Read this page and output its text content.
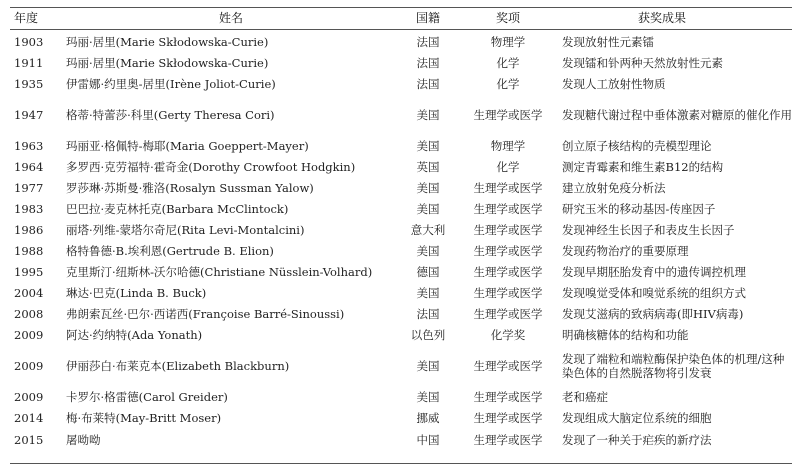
年度	姓名	国籍	奖项	获奖成果
1903	玛丽·居里(Marie Skłodowska-Curie)	法国	物理学	发现放射性元素镭
1911	玛丽·居里(Marie Skłodowska-Curie)	法国	化学	发现镭和钋两种天然放射性元素
1935	伊雷娜·约里奥-居里(Irène Joliot-Curie)	法国	化学	发现人工放射性物质
1947	格蒂·特蕾莎·科里(Gerty Theresa Cori)	美国	生理学或医学	发现糖代谢过程中垂体激素对糖原的催化作用
1963	玛丽亚·格佩特-梅耶(Maria Goeppert-Mayer)	美国	物理学	创立原子核结构的壳模型理论
1964	多罗西·克劳福特·霍奇金(Dorothy Crowfoot Hodgkin)	英国	化学	测定青霉素和维生素B12的结构
1977	罗莎琳·苏斯曼·雅洛(Rosalyn Sussman Yalow)	美国	生理学或医学	建立放射免疫分析法
1983	巴巴拉·麦克林托克(Barbara McClintock)	美国	生理学或医学	研究玉米的移动基因-传座因子
1986	丽塔·列维-蒙塔尔奇尼(Rita Levi-Montalcini)	意大利	生理学或医学	发现神经生长因子和表皮生长因子
1988	格特鲁德·B.埃利恩(Gertrude B. Elion)	美国	生理学或医学	发现药物治疗的重要原理
1995	克里斯汀·纽斯林-沃尔哈德(Christiane Nüsslein-Volhard)	德国	生理学或医学	发现早期胚胎发育中的遗传调控机理
2004	琳达·巴克(Linda B. Buck)	美国	生理学或医学	发现嗅觉受体和嗅觉系统的组织方式
2008	弗朗索瓦丝·巴尔·西诺西(Françoise Barré-Sinoussi)	法国	生理学或医学	发现艾滋病的致病病毒(即HIV病毒)
2009	阿达·约纳特(Ada Yonath)	以色列	化学奖	明确核糖体的结构和功能
2009	伊丽莎白·布莱克本(Elizabeth Blackburn)	美国	生理学或医学	发现了端粒和端粒酶保护染色体的机理/这种染色体的自然脱落物将引发衰
2009	卡罗尔·格雷德(Carol Greider)	美国	生理学或医学	老和癌症
2014	梅·布莱特(May-Britt Moser)	挪威	生理学或医学	发现组成大脑定位系统的细胞
2015	屠呦呦	中国	生理学或医学	发现了一种关于疟疾的新疗法
